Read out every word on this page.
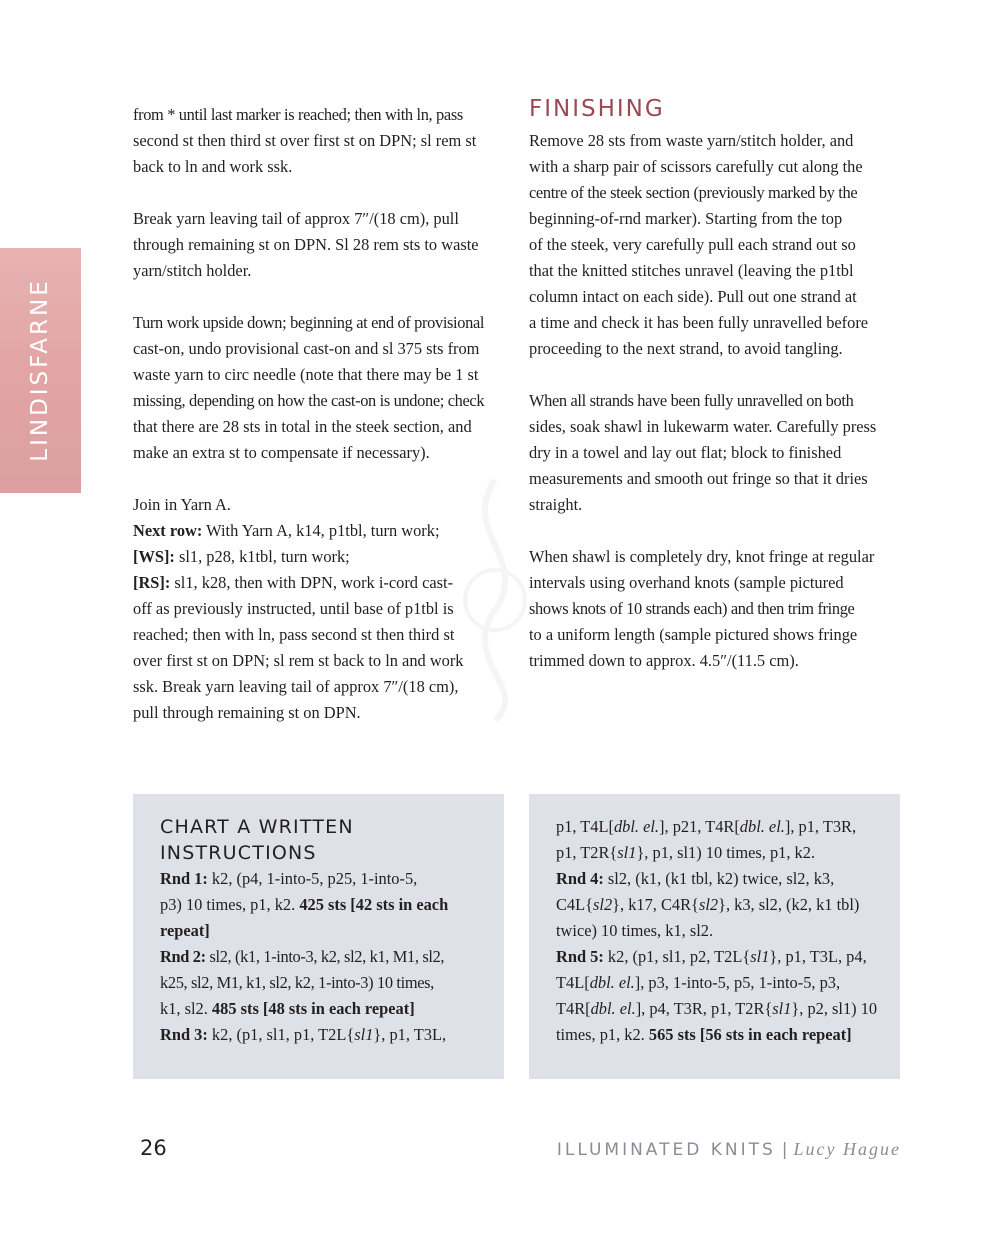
LINDISFARNE
from * until last marker is reached; then with ln, pass
second st then third st over first st on DPN; sl rem st
back to ln and work ssk.
Break yarn leaving tail of approx 7″/(18 cm), pull
through remaining st on DPN. Sl 28 rem sts to waste
yarn/stitch holder.
Turn work upside down; beginning at end of provisional
cast-on, undo provisional cast-on and sl 375 sts from
waste yarn to circ needle (note that there may be 1 st
missing, depending on how the cast-on is undone; check
that there are 28 sts in total in the steek section, and
make an extra st to compensate if necessary).
Join in Yarn A.
Next row: With Yarn A, k14, p1tbl, turn work;
[WS]: sl1, p28, k1tbl, turn work;
[RS]: sl1, k28, then with DPN, work i-cord cast-
off as previously instructed, until base of p1tbl is
reached; then with ln, pass second st then third st
over first st on DPN; sl rem st back to ln and work
ssk. Break yarn leaving tail of approx 7″/(18 cm),
pull through remaining st on DPN.
FINISHING
Remove 28 sts from waste yarn/stitch holder, and
with a sharp pair of scissors carefully cut along the
centre of the steek section (previously marked by the
beginning-of-rnd marker). Starting from the top
of the steek, very carefully pull each strand out so
that the knitted stitches unravel (leaving the p1tbl
column intact on each side). Pull out one strand at
a time and check it has been fully unravelled before
proceeding to the next strand, to avoid tangling.
When all strands have been fully unravelled on both
sides, soak shawl in lukewarm water. Carefully press
dry in a towel and lay out flat; block to finished
measurements and smooth out fringe so that it dries
straight.
When shawl is completely dry, knot fringe at regular
intervals using overhand knots (sample pictured
shows knots of 10 strands each) and then trim fringe
to a uniform length (sample pictured shows fringe
trimmed down to approx. 4.5″/(11.5 cm).
CHART A WRITTEN
INSTRUCTIONS
Rnd 1: k2, (p4, 1-into-5, p25, 1-into-5,
p3) 10 times, p1, k2. 425 sts [42 sts in each
repeat]
Rnd 2: sl2, (k1, 1-into-3, k2, sl2, k1, M1, sl2,
k25, sl2, M1, k1, sl2, k2, 1-into-3) 10 times,
k1, sl2. 485 sts [48 sts in each repeat]
Rnd 3: k2, (p1, sl1, p1, T2L{sl1}, p1, T3L,
p1, T4L[dbl. el.], p21, T4R[dbl. el.], p1, T3R,
p1, T2R{sl1}, p1, sl1) 10 times, p1, k2.
Rnd 4: sl2, (k1, (k1 tbl, k2) twice, sl2, k3,
C4L{sl2}, k17, C4R{sl2}, k3, sl2, (k2, k1 tbl)
twice) 10 times, k1, sl2.
Rnd 5: k2, (p1, sl1, p2, T2L{sl1}, p1, T3L, p4,
T4L[dbl. el.], p3, 1-into-5, p5, 1-into-5, p3,
T4R[dbl. el.], p4, T3R, p1, T2R{sl1}, p2, sl1) 10
times, p1, k2. 565 sts [56 sts in each repeat]
26	ILLUMINATED KNITS | Lucy Hague
